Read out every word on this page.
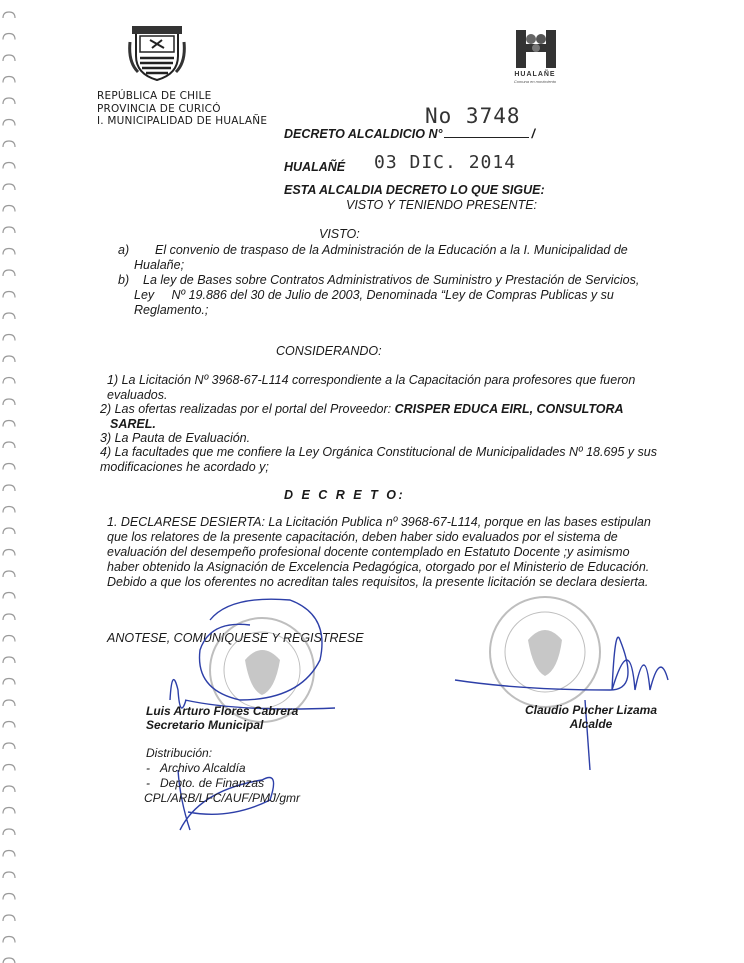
REPÚBLICA DE CHILE
PROVINCIA DE CURICÓ
I. MUNICIPALIDAD DE HUALAÑE
HUALAÑE
Comuna en movimiento
No 3748
DECRETO ALCALDICIO N°	/
HUALAÑÉ 03 DIC. 2014
ESTA ALCALDIA DECRETO LO QUE SIGUE:
VISTO Y TENIENDO PRESENTE:
VISTO:
a) El convenio de traspaso de la Administración de la Educación a la I. Municipalidad de
Hualañe;
b) La ley de Bases sobre Contratos Administrativos de Suministro y Prestación de Servicios,
Ley     Nº 19.886 del 30 de Julio de 2003, Denominada “Ley de Compras Publicas y su
Reglamento.;
CONSIDERANDO:
1) La Licitación Nº 3968-67-L114 correspondiente a la Capacitación para profesores que fueron
evaluados.
2) Las ofertas realizadas por el portal del Proveedor: CRISPER EDUCA EIRL, CONSULTORA
SAREL.
3) La Pauta de Evaluación.
4) La facultades que me confiere la Ley Orgánica Constitucional de Municipalidades Nº 18.695 y sus
modificaciones he acordado y;
D E C R E T O:
1. DECLARESE DESIERTA: La Licitación Publica nº 3968-67-L114, porque en las bases estipulan
que los relatores de la presente capacitación, deben haber sido evaluados por el sistema de
evaluación del desempeño profesional docente contemplado en Estatuto Docente ;y asimismo
haber obtenido la Asignación de Excelencia Pedagógica, otorgado por el Ministerio de Educación.
Debido a que los oferentes no acreditan tales requisitos, la presente licitación se declara desierta.
ANOTESE, COMUNIQUESE Y REGISTRESE
Luis Arturo Flores Cabrera
Secretario Municipal
Claudio Pucher Lizama
Alcalde
Distribución:
-   Archivo Alcaldía
-   Depto. de Finanzas
CPL/ARB/LFC/AUF/PMJ/gmr
